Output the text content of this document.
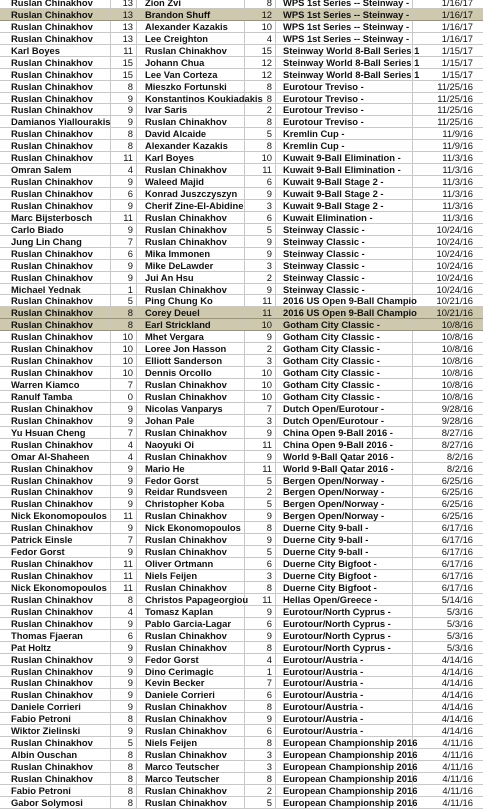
Ruslan Chinakhov	13	Zion Zvi	8	WPS 1st Series -- Steinway -	1/16/17
Ruslan Chinakhov	13	Brandon Shuff	12	WPS 1st Series -- Steinway -	1/16/17
Ruslan Chinakhov	13	Alexander Kazakis	10	WPS 1st Series -- Steinway -	1/16/17
Ruslan Chinakhov	13	Lee Creighton	4	WPS 1st Series -- Steinway -	1/16/17
Karl Boyes	11	Ruslan Chinakhov	15	Steinway World 8-Ball Series 1	1/15/17
Ruslan Chinakhov	15	Johann Chua	12	Steinway World 8-Ball Series 1	1/15/17
Ruslan Chinakhov	15	Lee Van Corteza	12	Steinway World 8-Ball Series 1	1/15/17
Ruslan Chinakhov	8	Mieszko Fortunski	8	Eurotour Treviso -	11/25/16
Ruslan Chinakhov	9	Konstantinos Koukiadakis 8	Eurotour Treviso -	11/25/16
Ruslan Chinakhov	9	Ivar Saris	2	Eurotour Treviso -	11/25/16
Damianos Yiallourakis	9	Ruslan Chinakhov	8	Eurotour Treviso -	11/25/16
Ruslan Chinakhov	8	David Alcaide	5	Kremlin Cup -	11/9/16
Ruslan Chinakhov	8	Alexander Kazakis	8	Kremlin Cup -	11/9/16
Ruslan Chinakhov	11	Karl Boyes	10	Kuwait 9-Ball Elimination -	11/3/16
Omran Salem	4	Ruslan Chinakhov	11	Kuwait 9-Ball Elimination -	11/3/16
Ruslan Chinakhov	9	Waleed Majid	6	Kuwait 9-Ball Stage 2 -	11/3/16
Ruslan Chinakhov	6	Konrad Juszczyszyn	9	Kuwait 9-Ball Stage 2 -	11/3/16
Ruslan Chinakhov	9	Cherif Zine-El-Abidine	3	Kuwait 9-Ball Stage 2 -	11/3/16
Marc Bijsterbosch	11	Ruslan Chinakhov	6	Kuwait Elimination -	11/3/16
Carlo Biado	9	Ruslan Chinakhov	5	Steinway Classic -	10/24/16
Jung Lin Chang	7	Ruslan Chinakhov	9	Steinway Classic -	10/24/16
Ruslan Chinakhov	6	Mika Immonen	9	Steinway Classic -	10/24/16
Ruslan Chinakhov	9	Mike DeLawder	3	Steinway Classic -	10/24/16
Ruslan Chinakhov	9	Jui An Hsu	2	Steinway Classic -	10/24/16
Michael Yednak	1	Ruslan Chinakhov	9	Steinway Classic -	10/24/16
Ruslan Chinakhov	5	Ping Chung Ko	11	2016 US Open 9-Ball Champio	10/21/16
Ruslan Chinakhov	8	Corey Deuel	11	2016 US Open 9-Ball Champio	10/21/16
Ruslan Chinakhov	8	Earl Strickland	10	Gotham City Classic -	10/8/16
Ruslan Chinakhov	10	Mhet Vergara	9	Gotham City Classic -	10/8/16
Ruslan Chinakhov	10	Loree Jon Hasson	2	Gotham City Classic -	10/8/16
Ruslan Chinakhov	10	Elliott Sanderson	3	Gotham City Classic -	10/8/16
Ruslan Chinakhov	10	Dennis Orcollo	10	Gotham City Classic -	10/8/16
Warren Kiamco	7	Ruslan Chinakhov	10	Gotham City Classic -	10/8/16
Ranulf Tamba	0	Ruslan Chinakhov	10	Gotham City Classic -	10/8/16
Ruslan Chinakhov	9	Nicolas Vanparys	7	Dutch Open/Eurotour -	9/28/16
Ruslan Chinakhov	9	Johan Pale	3	Dutch Open/Eurotour -	9/28/16
Yu Hsuan Cheng	7	Ruslan Chinakhov	9	China Open 9-Ball 2016 -	8/27/16
Ruslan Chinakhov	4	Naoyuki Oi	11	China Open 9-Ball 2016 -	8/27/16
Omar Al-Shaheen	4	Ruslan Chinakhov	9	World 9-Ball Qatar 2016 -	8/2/16
Ruslan Chinakhov	9	Mario He	11	World 9-Ball Qatar 2016 -	8/2/16
Ruslan Chinakhov	9	Fedor Gorst	5	Bergen Open/Norway -	6/25/16
Ruslan Chinakhov	9	Reidar Rundsveen	2	Bergen Open/Norway -	6/25/16
Ruslan Chinakhov	9	Christopher Koba	5	Bergen Open/Norway -	6/25/16
Nick Ekonomopoulos	11	Ruslan Chinakhov	9	Bergen Open/Norway -	6/25/16
Ruslan Chinakhov	9	Nick Ekonomopoulos	8	Duerne City 9-ball -	6/17/16
Patrick Einsle	7	Ruslan Chinakhov	9	Duerne City 9-ball -	6/17/16
Fedor Gorst	9	Ruslan Chinakhov	5	Duerne City 9-ball -	6/17/16
Ruslan Chinakhov	11	Oliver Ortmann	6	Duerne City Bigfoot -	6/17/16
Ruslan Chinakhov	11	Niels Feijen	3	Duerne City Bigfoot -	6/17/16
Nick Ekonomopoulos	11	Ruslan Chinakhov	8	Duerne City Bigfoot -	6/17/16
Ruslan Chinakhov	8	Christos Papageorgiou	11	Hellas Open/Greece -	5/14/16
Ruslan Chinakhov	4	Tomasz Kaplan	9	Eurotour/North Cyprus -	5/3/16
Ruslan Chinakhov	9	Pablo Garcia-Lagar	6	Eurotour/North Cyprus -	5/3/16
Thomas Fjaeran	6	Ruslan Chinakhov	9	Eurotour/North Cyprus -	5/3/16
Pat Holtz	9	Ruslan Chinakhov	8	Eurotour/North Cyprus -	5/3/16
Ruslan Chinakhov	9	Fedor Gorst	4	Eurotour/Austria -	4/14/16
Ruslan Chinakhov	9	Dino Cerimagic	1	Eurotour/Austria -	4/14/16
Ruslan Chinakhov	9	Kevin Becker	7	Eurotour/Austria -	4/14/16
Ruslan Chinakhov	9	Daniele Corrieri	6	Eurotour/Austria -	4/14/16
Daniele Corrieri	9	Ruslan Chinakhov	8	Eurotour/Austria -	4/14/16
Fabio Petroni	8	Ruslan Chinakhov	9	Eurotour/Austria -	4/14/16
Wiktor Zielinski	9	Ruslan Chinakhov	6	Eurotour/Austria -	4/14/16
Ruslan Chinakhov	5	Niels Feijen	8	European Championship 2016	4/11/16
Albin Ouschan	8	Ruslan Chinakhov	3	European Championship 2016	4/11/16
Ruslan Chinakhov	8	Marco Teutscher	3	European Championship 2016	4/11/16
Ruslan Chinakhov	8	Marco Teutscher	8	European Championship 2016	4/11/16
Fabio Petroni	8	Ruslan Chinakhov	2	European Championship 2016	4/11/16
Gabor Solymosi	8	Ruslan Chinakhov	5	European Championship 2016	4/11/16
